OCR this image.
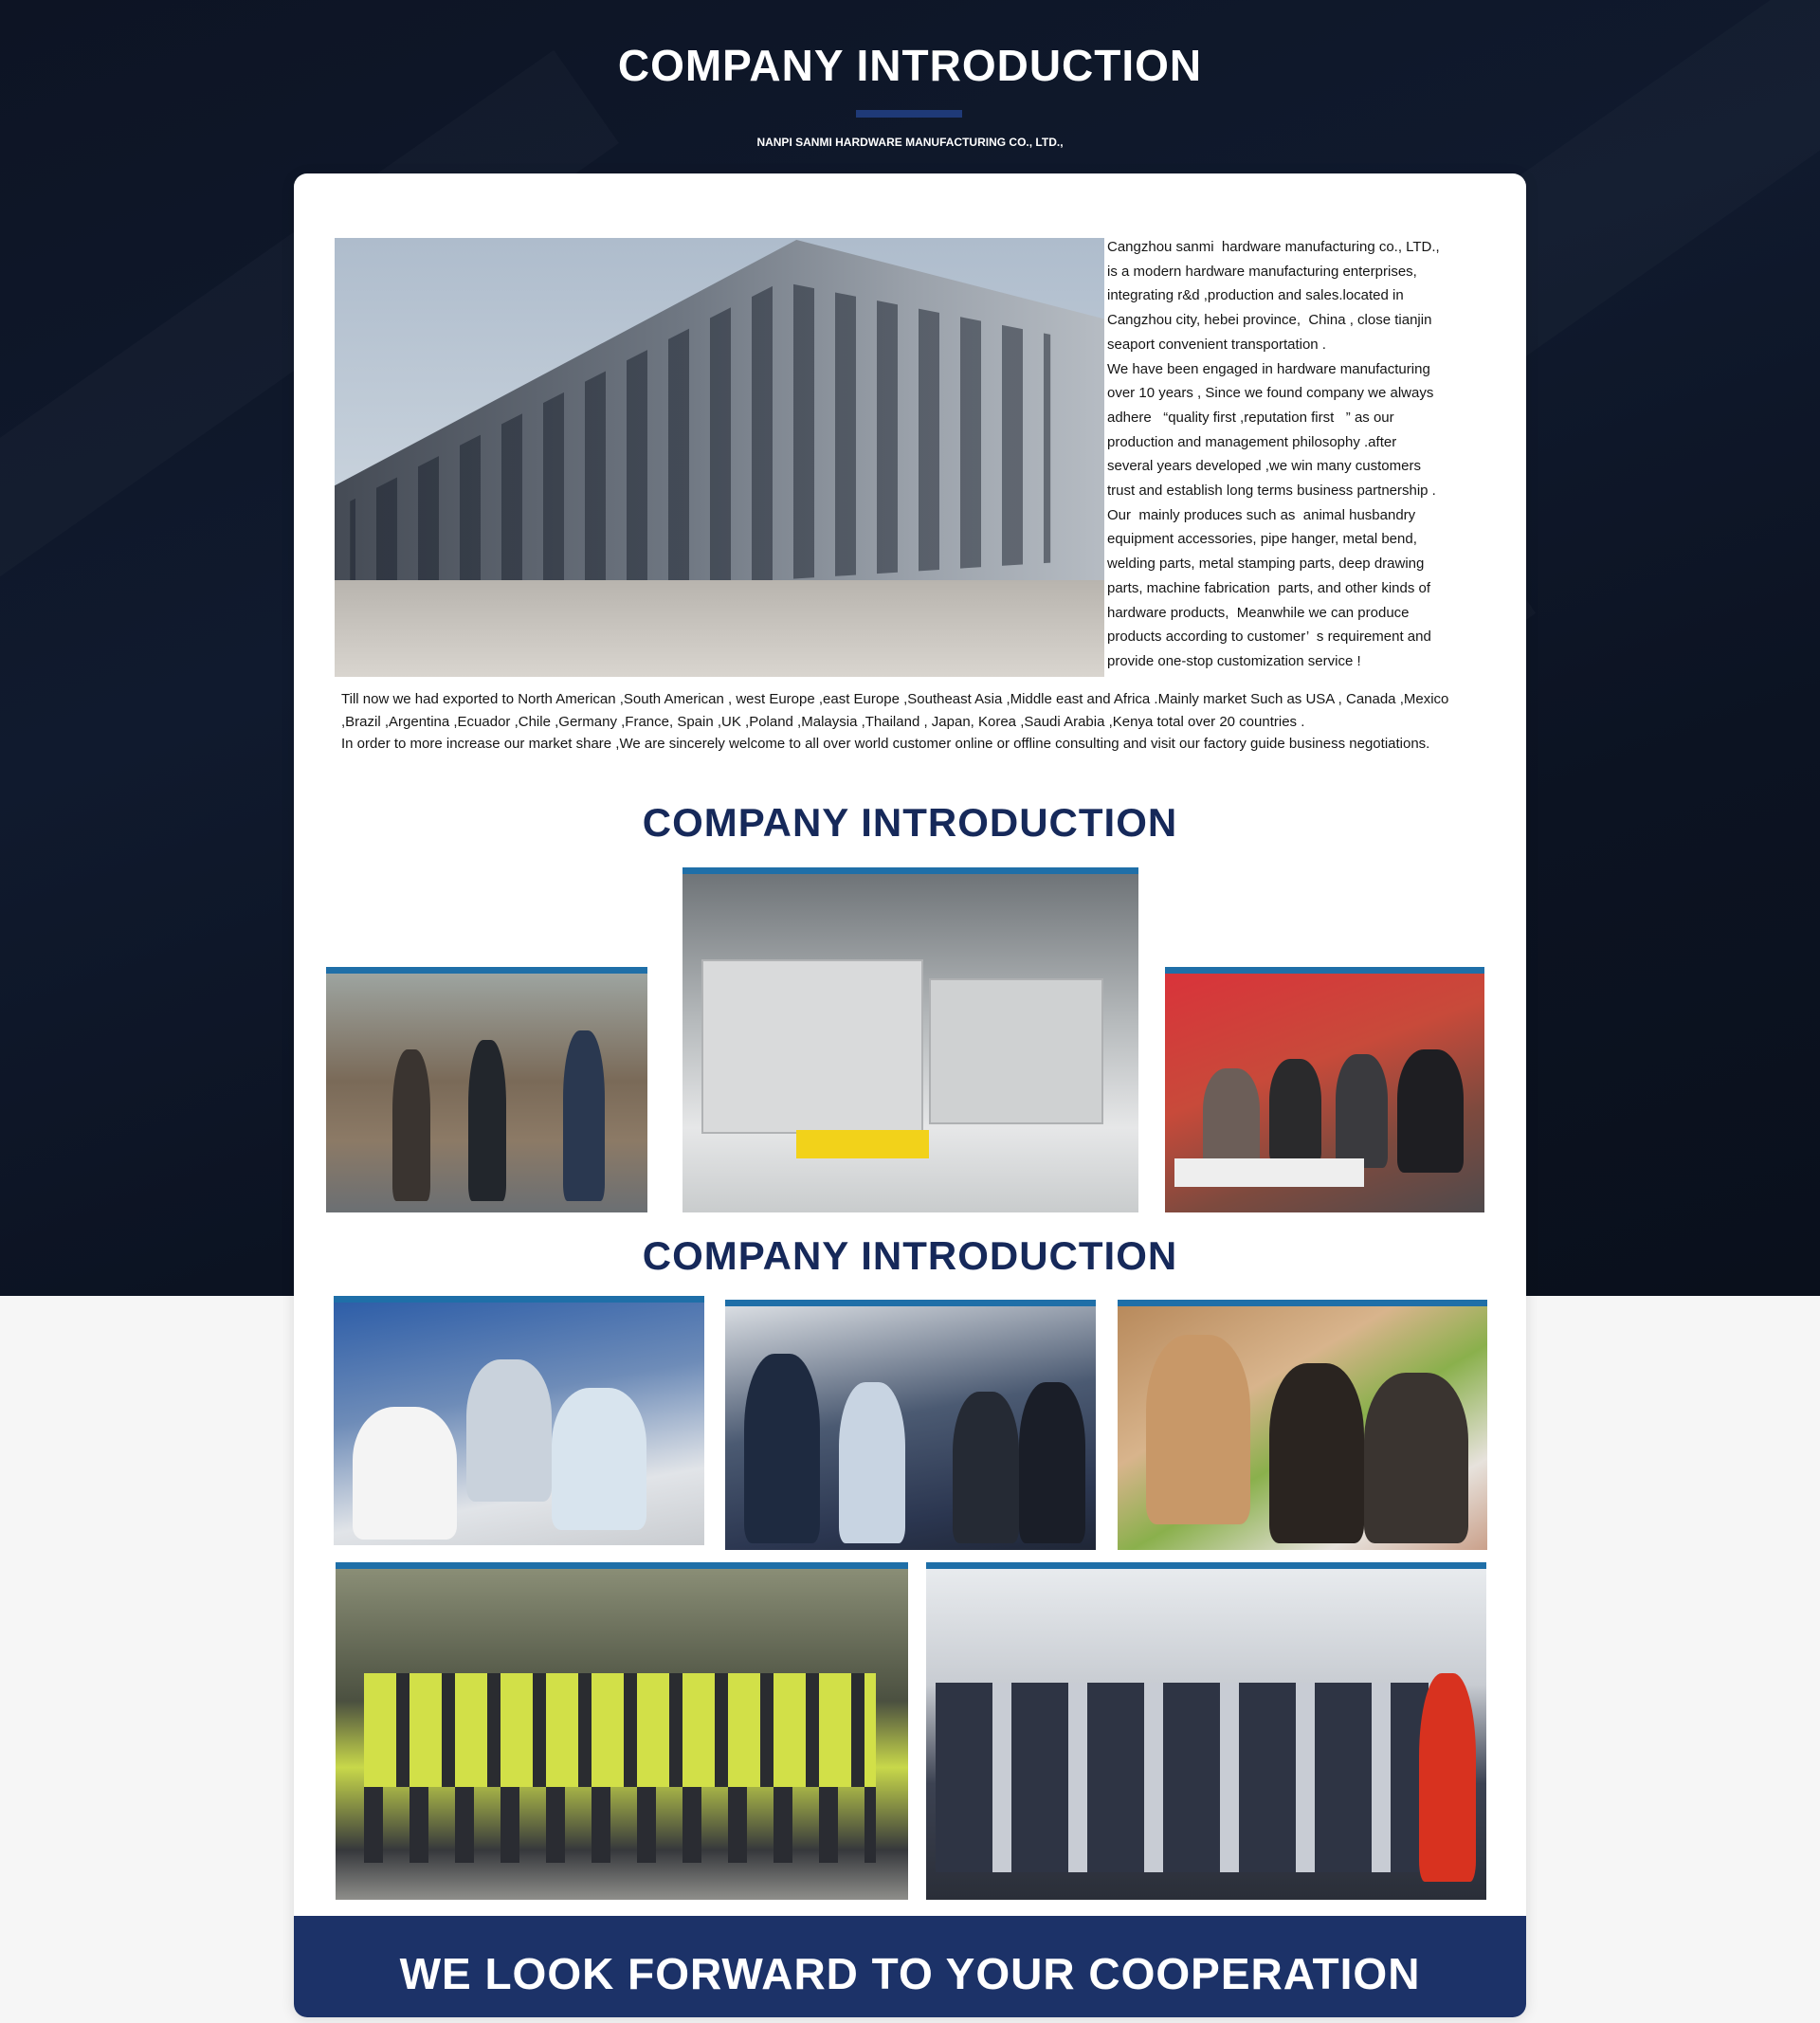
COMPANY INTRODUCTION
NANPI SANMI HARDWARE MANUFACTURING CO., LTD.,
Cangzhou sanmi  hardware manufacturing co., LTD.,
is a modern hardware manufacturing enterprises,
integrating r&d ,production and sales.located in
Cangzhou city, hebei province,  China , close tianjin
seaport convenient transportation .
We have been engaged in hardware manufacturing
over 10 years , Since we found company we always
adhere   “quality first ,reputation first   ” as our
production and management philosophy .after
several years developed ,we win many customers
trust and establish long terms business partnership .
Our  mainly produces such as  animal husbandry
equipment accessories, pipe hanger, metal bend,
welding parts, metal stamping parts, deep drawing
parts, machine fabrication  parts, and other kinds of
hardware products,  Meanwhile we can produce
products according to customer’  s requirement and
provide one-stop customization service !

Till now we had exported to North American ,South American , west Europe ,east Europe ,Southeast Asia ,Middle east and Africa .Mainly market Such as USA , Canada ,Mexico ,Brazil ,Argentina ,Ecuador ,Chile ,Germany ,France, Spain ,UK ,Poland ,Malaysia ,Thailand , Japan, Korea ,Saudi Arabia ,Kenya total over 20 countries .

In order to more increase our market share ,We are sincerely welcome to all over world customer online or offline consulting and visit our factory guide business negotiations.

COMPANY INTRODUCTION
COMPANY INTRODUCTION
WE LOOK FORWARD TO YOUR COOPERATION
